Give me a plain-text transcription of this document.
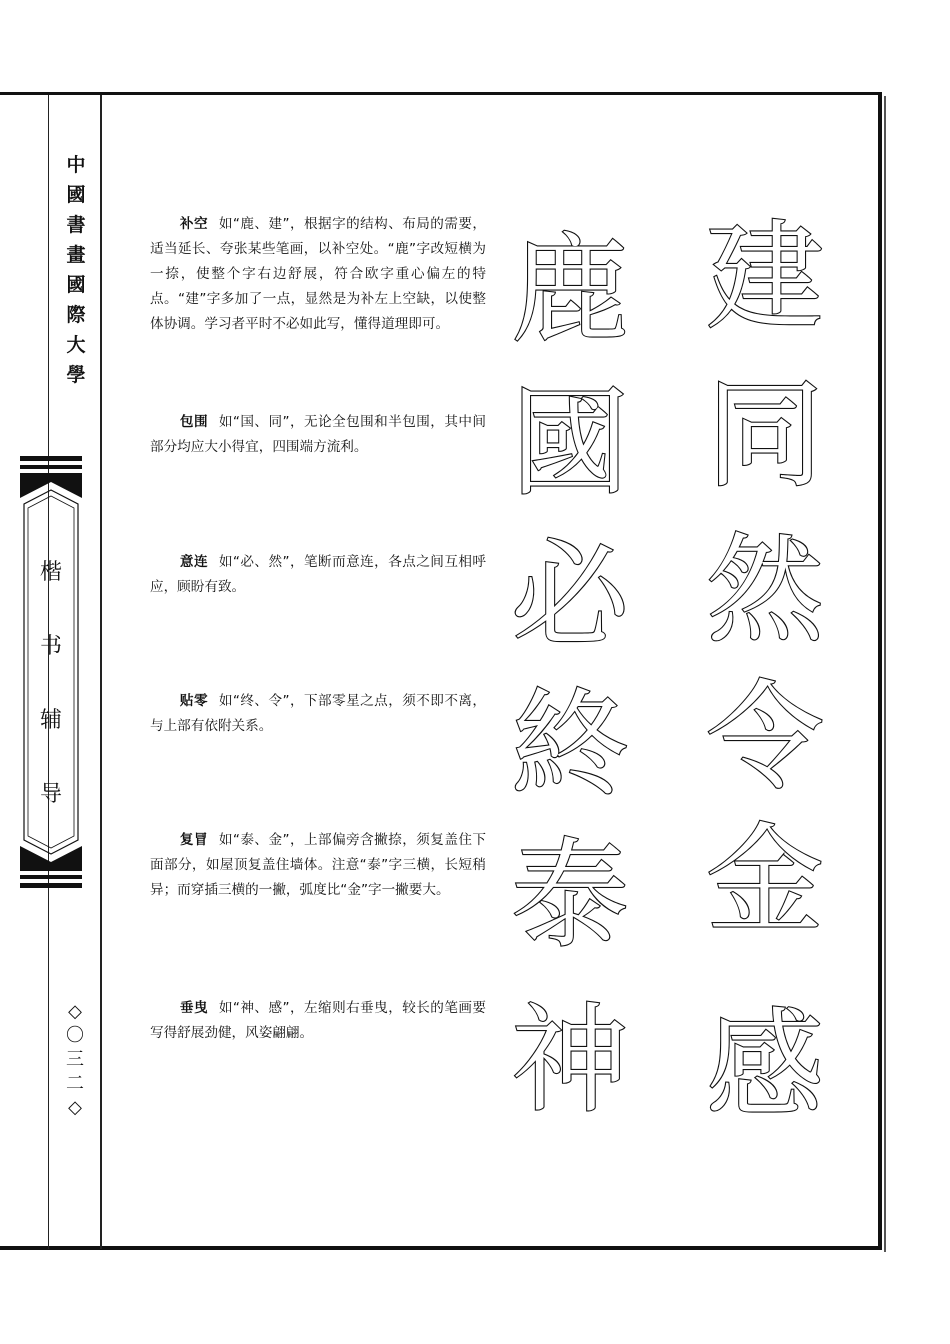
中
國
書
畫
國
際
大
學
楷
书
辅
导
◇
〇
三
二
◇

补空 如“鹿、建”，根据字的结构、布局的需要，适当延长、夸张某些笔画，以补空处。“鹿”字改短横为一捺，使整个字右边舒展，符合欧字重心偏左的特点。“建”字多加了一点，显然是为补左上空缺，以使整体协调。学习者平时不必如此写，懂得道理即可。

包围 如“国、同”，无论全包围和半包围，其中间部分均应大小得宜，四围端方流利。

意连 如“必、然”，笔断而意连，各点之间互相呼应，顾盼有致。

贴零 如“终、令”，下部零星之点，须不即不离，与上部有依附关系。

复冒 如“泰、金”，上部偏旁含撇捺，须复盖住下面部分，如屋顶复盖住墙体。注意“泰”字三横，长短稍异；而穿插三横的一撇，弧度比“金”字一撇要大。

垂曳 如“神、感”，左缩则右垂曳，较长的笔画要写得舒展劲健，风姿翩翩。

鹿
國
必
終
泰
神
建
同
然
令
金
感
